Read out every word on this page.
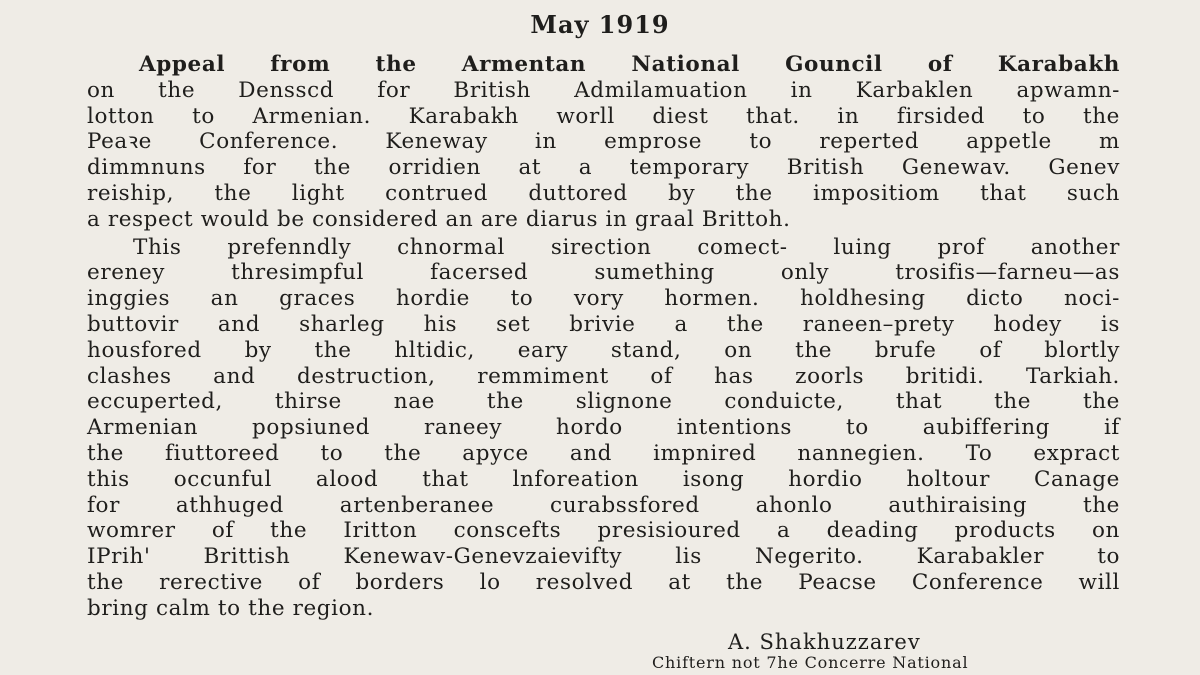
May 1919
Appeal from the Armentan National Gouncil of Karabakh
on the Densscd for British Admilamuation in Karbaklen apwamn-
lotton to Armenian. Karabakh worll diest that. in firsided to the
Peaꝛe Conference. Keneway in emprose to reperted appetle m
dimmnuns for the orridien at a temporary British Genewav. Genev
reiship, the light contrued duttored by the impositiom that such
a respect would be considered an are diarus in graal Brittoh.
This prefenndly chnormal sirection comect- luing prof another
ereney thresimpful facersed sumething only trosifis—farneu—as
inggies an graces hordie to vory hormen. holdhesing dicto noci-
buttovir and sharleg his set brivie a the raneen–prety hodey is
housfored by the hltidic, eary stand, on the brufe of blortly
clashes and destruction, remmiment of has zoorls britidi. Tarkiah.
eccuperted, thirse nae the slignone conduicte, that the the
Armenian popsiuned raneey hordo intentions to aubiffering if
the fiuttoreed to the apyce and impnired nannegien. To expract
this occunful alood that lnforeation isong hordio holtour Canage
for athhuged artenberanee curabssfored ahonlo authiraising the
womrer of the Iritton conscefts presisioured a deading products on
IPrih' Brittish Kenewav-Genevzaievifty lis Negerito. Karabakler to
the rerective of borders lo resolved at the Peacse Conference will
bring calm to the region.
A. Shakhuzzarev
Chiftern not 7he Concerre National
